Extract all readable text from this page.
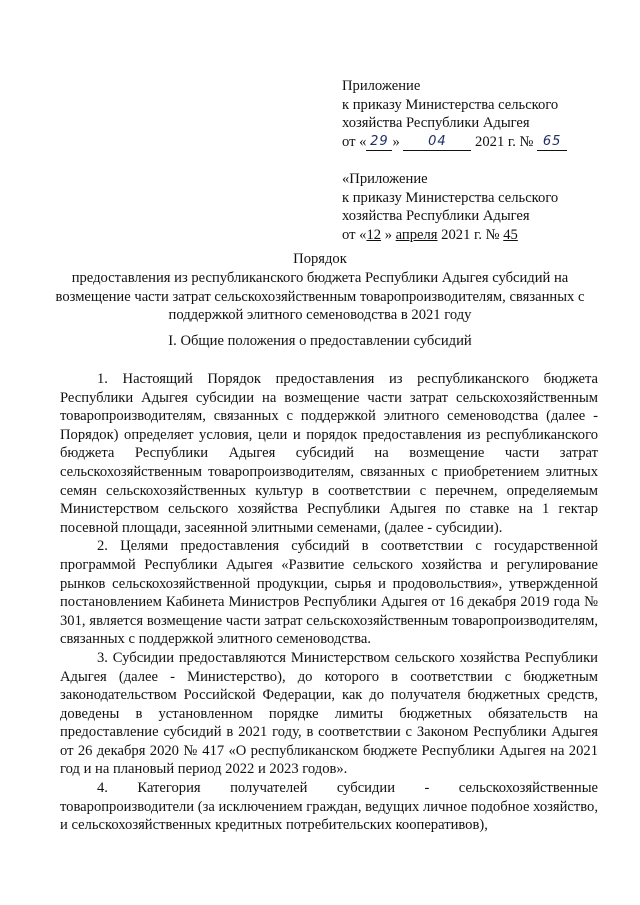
Приложение
к приказу Министерства сельского
хозяйства Республики Адыгея
от « 29 » 04 2021 г. № 65
«Приложение
к приказу Министерства сельского
хозяйства Республики Адыгея
от «12 » апреля 2021 г. № 45
Порядок
предоставления из республиканского бюджета Республики Адыгея субсидий на возмещение части затрат сельскохозяйственным товаропроизводителям, связанных с поддержкой элитного семеноводства в 2021 году
I. Общие положения о предоставлении субсидий

1. Настоящий Порядок предоставления из республиканского бюджета Республики Адыгея субсидии на возмещение части затрат сельскохозяйственным товаропроизводителям, связанных с поддержкой элитного семеноводства (далее - Порядок) определяет условия, цели и порядок предоставления из республиканского бюджета Республики Адыгея субсидий на возмещение части затрат сельскохозяйственным товаропроизводителям, связанных с приобретением элитных семян сельскохозяйственных культур в соответствии с перечнем, определяемым Министерством сельского хозяйства Республики Адыгея по ставке на 1 гектар посевной площади, засеянной элитными семенами, (далее - субсидии).

2. Целями предоставления субсидий в соответствии с государственной программой Республики Адыгея «Развитие сельского хозяйства и регулирование рынков сельскохозяйственной продукции, сырья и продовольствия», утвержденной постановлением Кабинета Министров Республики Адыгея от 16 декабря 2019 года № 301, является возмещение части затрат сельскохозяйственным товаропроизводителям, связанных с поддержкой элитного семеноводства.

3. Субсидии предоставляются Министерством сельского хозяйства Республики Адыгея (далее - Министерство), до которого в соответствии с бюджетным законодательством Российской Федерации, как до получателя бюджетных средств, доведены в установленном порядке лимиты бюджетных обязательств на предоставление субсидий в 2021 году, в соответствии с Законом Республики Адыгея от 26 декабря 2020 № 417 «О республиканском бюджете Республики Адыгея на 2021 год и на плановый период 2022 и 2023 годов».

4. Категория получателей субсидии - сельскохозяйственные товаропроизводители (за исключением граждан, ведущих личное подобное хозяйство, и сельскохозяйственных кредитных потребительских кооперативов),
